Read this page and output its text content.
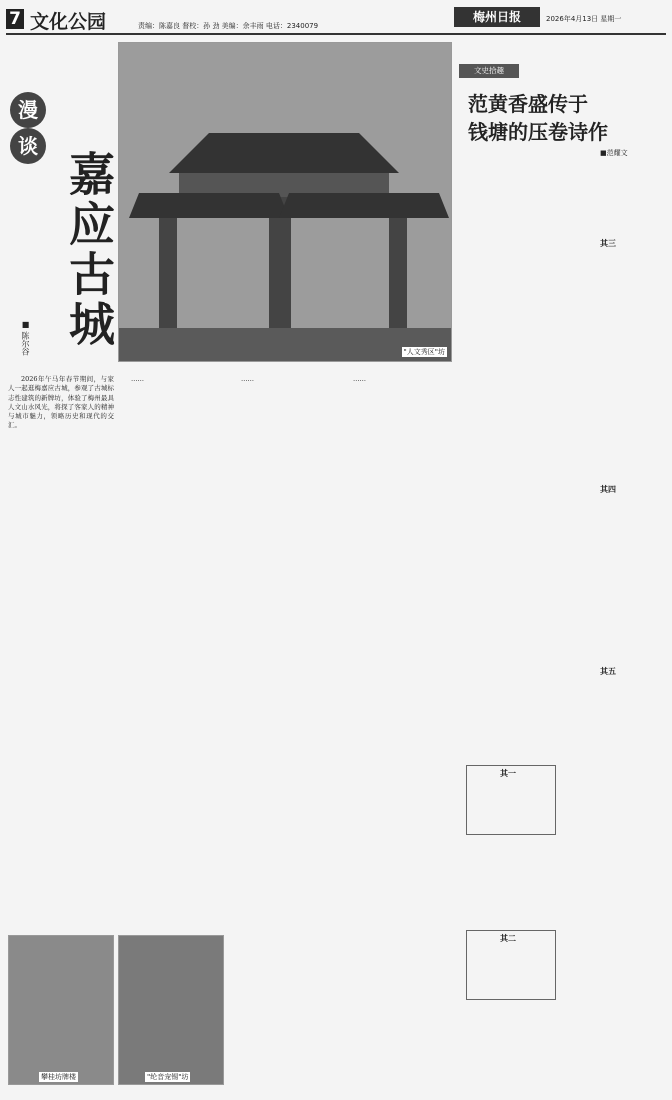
7 文化公园	责编：陈嘉良 督校：孙 劲 美编：余丰雨 电话：2340079
梅州日报	2026年4月13日 星期一
漫
谈
嘉应古城
■ 陈尔谷	"人文秀区"坊
2026年午马年春节期间，与家人一起逛梅嘉应古城，参观了古城标志性建筑的新牌坊，体验了梅州最具人文山水风光，将探了客家人的精神与城市魅力，领略历史和现代的交汇。
……	……	……
攀桂坊牌楼	"纶音宠锡"坊
文史拾趣
范黄香盛传于
钱塘的压卷诗作
■范耀文
其三
其四
其五
其一
其二
